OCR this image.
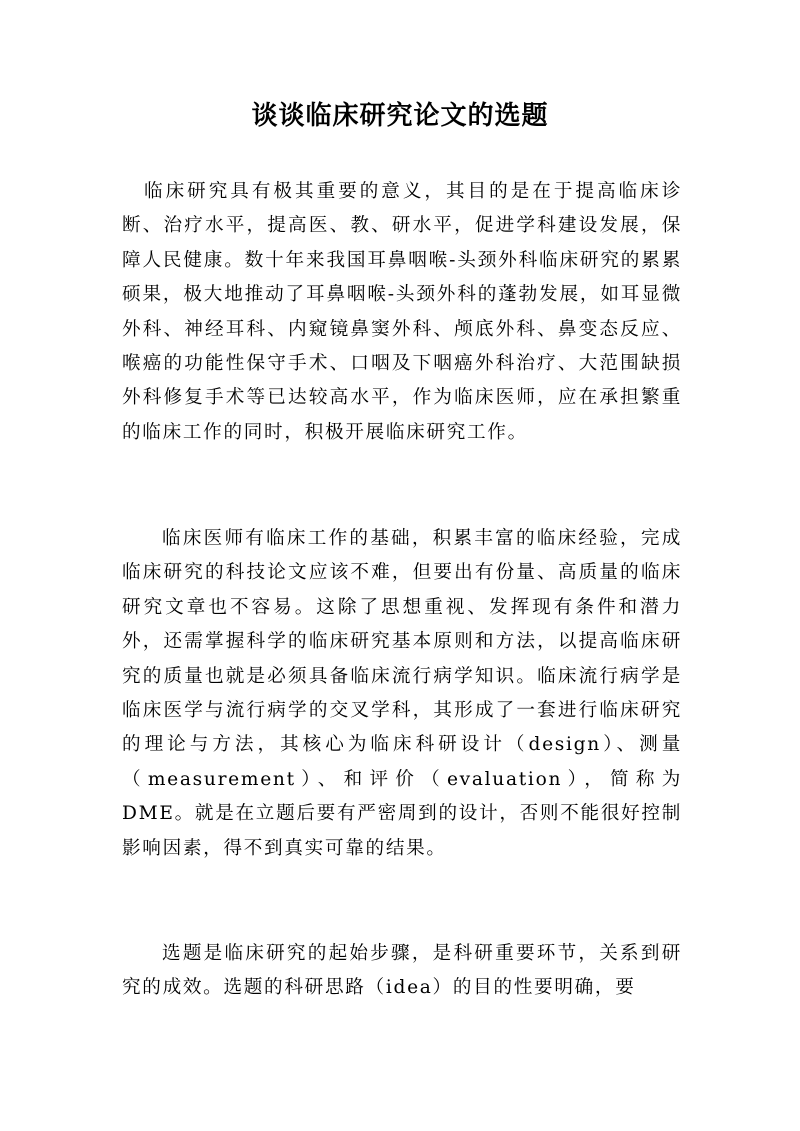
谈谈临床研究论文的选题
临床研究具有极其重要的意义，其目的是在于提高临床诊断、治疗水平，提高医、教、研水平，促进学科建设发展，保障人民健康。数十年来我国耳鼻咽喉-头颈外科临床研究的累累硕果，极大地推动了耳鼻咽喉-头颈外科的蓬勃发展，如耳显微外科、神经耳科、内窥镜鼻窦外科、颅底外科、鼻变态反应、喉癌的功能性保守手术、口咽及下咽癌外科治疗、大范围缺损外科修复手术等已达较高水平，作为临床医师，应在承担繁重的临床工作的同时，积极开展临床研究工作。
临床医师有临床工作的基础，积累丰富的临床经验，完成临床研究的科技论文应该不难，但要出有份量、高质量的临床研究文章也不容易。这除了思想重视、发挥现有条件和潜力外，还需掌握科学的临床研究基本原则和方法，以提高临床研究的质量也就是必须具备临床流行病学知识。临床流行病学是临床医学与流行病学的交叉学科，其形成了一套进行临床研究的理论与方法，其核心为临床科研设计（design）、测量（measurement）、和评价（evaluation），简称为DME。就是在立题后要有严密周到的设计，否则不能很好控制影响因素，得不到真实可靠的结果。
选题是临床研究的起始步骤，是科研重要环节，关系到研究的成效。选题的科研思路（idea）的目的性要明确，要
